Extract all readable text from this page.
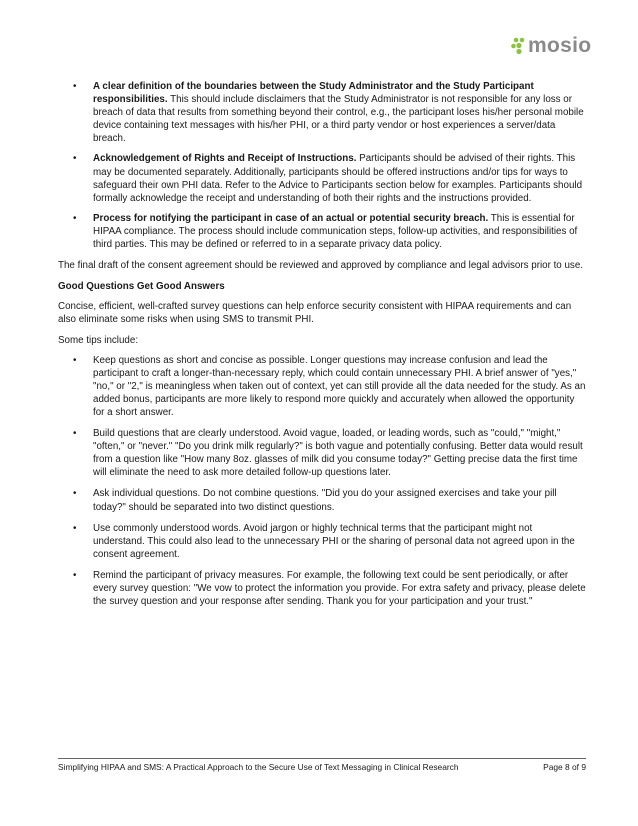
mosio
• A clear definition of the boundaries between the Study Administrator and the Study Participant responsibilities. This should include disclaimers that the Study Administrator is not responsible for any loss or breach of data that results from something beyond their control, e.g., the participant loses his/her personal mobile device containing text messages with his/her PHI, or a third party vendor or host experiences a server/data breach.
• Acknowledgement of Rights and Receipt of Instructions. Participants should be advised of their rights. This may be documented separately. Additionally, participants should be offered instructions and/or tips for ways to safeguard their own PHI data. Refer to the Advice to Participants section below for examples. Participants should formally acknowledge the receipt and understanding of both their rights and the instructions provided.
• Process for notifying the participant in case of an actual or potential security breach. This is essential for HIPAA compliance. The process should include communication steps, follow-up activities, and responsibilities of third parties. This may be defined or referred to in a separate privacy data policy.

The final draft of the consent agreement should be reviewed and approved by compliance and legal advisors prior to use.

Good Questions Get Good Answers

Concise, efficient, well-crafted survey questions can help enforce security consistent with HIPAA requirements and can also eliminate some risks when using SMS to transmit PHI.

Some tips include:

• Keep questions as short and concise as possible. Longer questions may increase confusion and lead the participant to craft a longer-than-necessary reply, which could contain unnecessary PHI. A brief answer of "yes," "no," or "2," is meaningless when taken out of context, yet can still provide all the data needed for the study. As an added bonus, participants are more likely to respond more quickly and accurately when allowed the opportunity for a short answer.
• Build questions that are clearly understood. Avoid vague, loaded, or leading words, such as "could," "might," "often," or "never." "Do you drink milk regularly?" is both vague and potentially confusing. Better data would result from a question like "How many 8oz. glasses of milk did you consume today?" Getting precise data the first time will eliminate the need to ask more detailed follow-up questions later.
• Ask individual questions. Do not combine questions. "Did you do your assigned exercises and take your pill today?" should be separated into two distinct questions.
• Use commonly understood words. Avoid jargon or highly technical terms that the participant might not understand. This could also lead to the unnecessary PHI or the sharing of personal data not agreed upon in the consent agreement.
• Remind the participant of privacy measures. For example, the following text could be sent periodically, or after every survey question: "We vow to protect the information you provide. For extra safety and privacy, please delete the survey question and your response after sending. Thank you for your participation and your trust."
Simplifying HIPAA and SMS: A Practical Approach to the Secure Use of Text Messaging in Clinical Research	Page 8 of 9
